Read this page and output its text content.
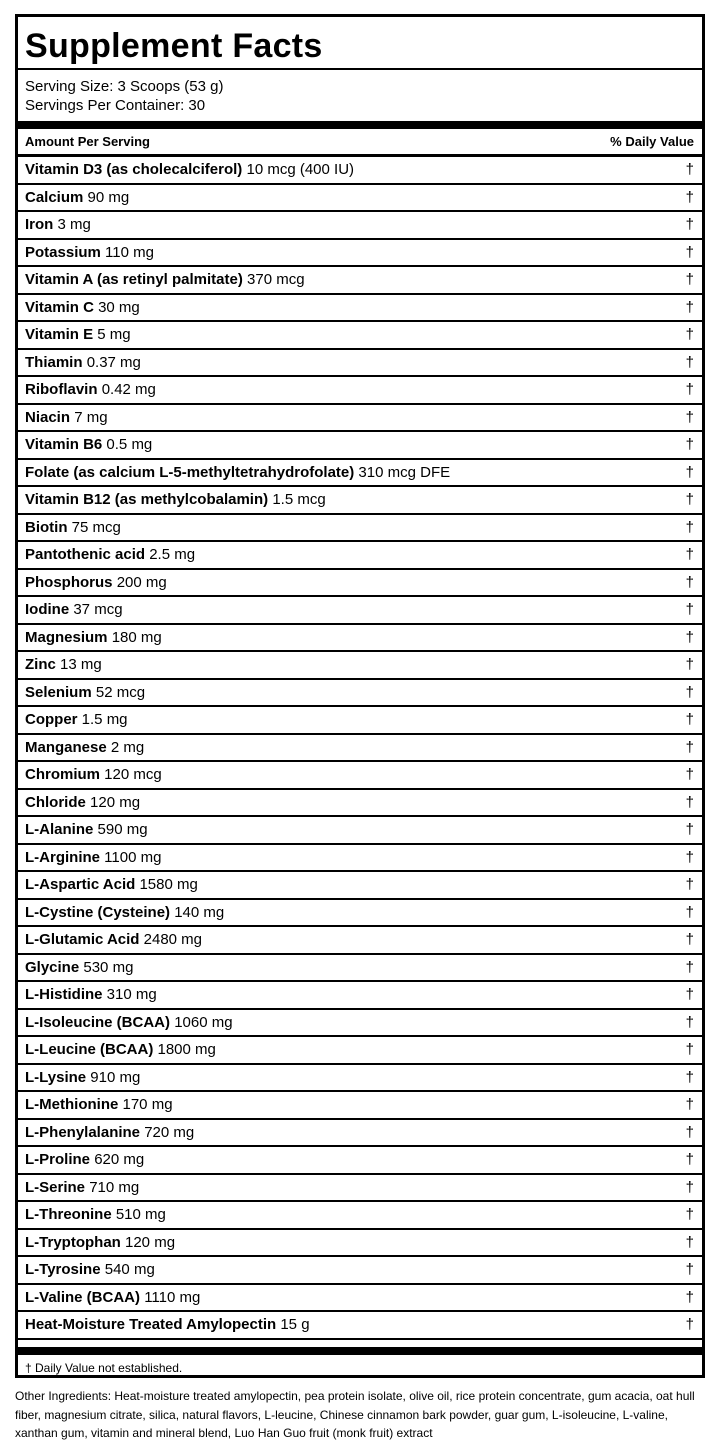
Supplement Facts
Serving Size: 3 Scoops (53 g)
Servings Per Container: 30
Amount Per Serving	% Daily Value
Vitamin D3 (as cholecalciferol) 10 mcg (400 IU)	†
Calcium 90 mg	†
Iron 3 mg	†
Potassium 110 mg	†
Vitamin A (as retinyl palmitate) 370 mcg	†
Vitamin C 30 mg	†
Vitamin E 5 mg	†
Thiamin 0.37 mg	†
Riboflavin 0.42 mg	†
Niacin 7 mg	†
Vitamin B6 0.5 mg	†
Folate (as calcium L-5-methyltetrahydrofolate) 310 mcg DFE	†
Vitamin B12 (as methylcobalamin) 1.5 mcg	†
Biotin 75 mcg	†
Pantothenic acid 2.5 mg	†
Phosphorus 200 mg	†
Iodine 37 mcg	†
Magnesium 180 mg	†
Zinc 13 mg	†
Selenium 52 mcg	†
Copper 1.5 mg	†
Manganese 2 mg	†
Chromium 120 mcg	†
Chloride 120 mg	†
L-Alanine 590 mg	†
L-Arginine 1100 mg	†
L-Aspartic Acid 1580 mg	†
L-Cystine (Cysteine) 140 mg	†
L-Glutamic Acid 2480 mg	†
Glycine 530 mg	†
L-Histidine 310 mg	†
L-Isoleucine (BCAA) 1060 mg	†
L-Leucine (BCAA) 1800 mg	†
L-Lysine 910 mg	†
L-Methionine 170 mg	†
L-Phenylalanine 720 mg	†
L-Proline 620 mg	†
L-Serine 710 mg	†
L-Threonine 510 mg	†
L-Tryptophan 120 mg	†
L-Tyrosine 540 mg	†
L-Valine (BCAA) 1110 mg	†
Heat-Moisture Treated Amylopectin 15 g	†
† Daily Value not established.
Other Ingredients: Heat-moisture treated amylopectin, pea protein isolate, olive oil, rice protein concentrate, gum acacia, oat hull fiber, magnesium citrate, silica, natural flavors, L-leucine, Chinese cinnamon bark powder, guar gum, L-isoleucine, L-valine, xanthan gum, vitamin and mineral blend, Luo Han Guo fruit (monk fruit) extract
